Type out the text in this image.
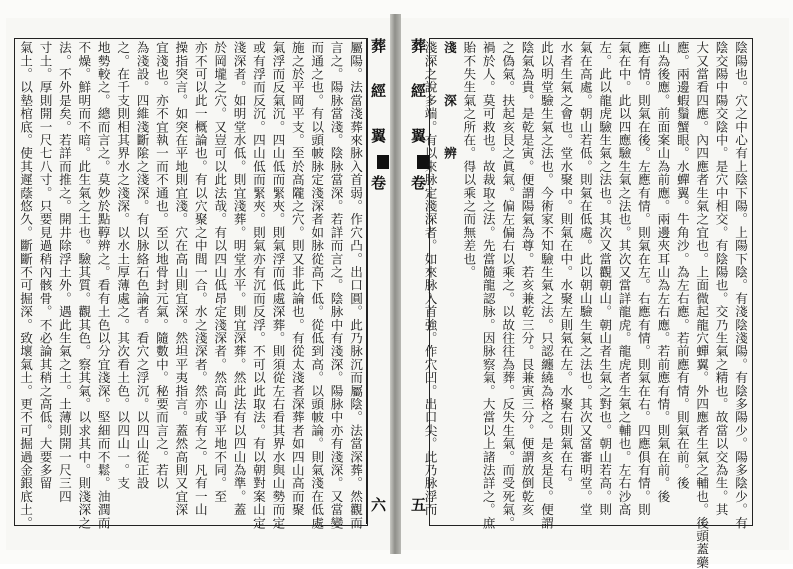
屬陽。法當淺葬來脉入首弱。作穴凸。出口圓。此乃脉沉而屬陰。法當深葬。然觀而

言之。陽脉當淺。陰脉當深。若詳而言之。陰脉中有淺深。陽脉中亦有淺深。又當變

而通之也。有以頭帔脉定淺深者如脉從高下低。從低到高。以頭帔論。則氣淺在低處

施之於平岡平支。至於高隴之穴。則又非此論也。有從太淺者深葬者如四山高而聚

氣浮而反氣沉。四山低而緊夾。則氣浮而低處深葬。則須從左右看其界水與山勢而定

或有浮而反沉。四山低而緊夾。則氣亦有沉而反浮。不可以此取法。有以朝對案山定

淺深者。如明堂水低。則宜淺葬。明堂水平。則宜深葬。然此法有以四山為準。蓋

於岡壠之穴。又豈可以此法哉。有以四山低昂定淺深者。然高山爭平地不同。至

亦不可以此一概論也。有以穴聚之中間一合。水之淺深者。然亦或有之。凡有一山

操指突言。如突在平地則宜淺。穴在高山則宜深。然坦平夷指言。蓋然高則又宜深

宜淺也。亦不宜執一而不通也。至以地骨封元氣。隨數中。秘要而言之。若以

為淺設。四維淺斷隂之淺深。有以脉絡石色論者。看穴之浮沉。以四山從正設

之。在千支則相其界水之淺深。以水土厚薄處之。其次看土色。以四山一。支

地勢較之。總而言之。莫妙於點鞟辨之。看有土色以分宜淺深。堅細而不鬆。油潤而

不燥。鮮明而不暗。此生氣之土也。驗其質。觀其色。察其氣。以求其中。則淺深之

法。不外是矣。若詳而推之。開井除浮土外。遇此生氣之土。土薄則開一尺三四

寸土。厚則開一尺七八寸。只要見過稍內骸骨。不必論其稍之高低。大要多留

氣土。以墊棺底。使其遲蔭悠久。斷斷不可掘深。致壞氣土。更不可掘過金銀底土。	葬 經 翼
卷
六
葬 經 翼
卷
五	陰陽也。穴之中心有上陰下陽。上陽下陰。有淺陰淺陽。有陰多陽少。陽多陰少。有

陰交陽中陽交陰中。是穴中相交。有陰陽也。交乃生氣之精也。故當以交為生。其

大又當看四應。內四應者生氣之宜也。上面微起龍穴蟬翼。外四應者生氣之輔也。後頭蓋藥

應。兩邊蝦鬚蟹眼。水蟬翼。牛角沙。為左右應。若前應有情。則氣在前。後

山為後應。前面案山為前應。兩邊夾耳山為左右應。若前應有情。則氣在前。後

應有情。則氣在後。左應有情。則氣在左。右應有情。則氣在右。四應俱有情。則

氣在中。此以四應驗生氣之法也。其次又當詳龍虎。龍虎者生氣之輔也。左右沙高

左。此以龍虎驗生氣之法也。其次又當觀朝山。朝山者生氣之對也。朝山若高。則

氣在高處。朝山若低。則氣在低處。此以朝山驗生氣之法也。其次又當審明堂。堂

水者生氣之會也。堂水聚中。則氣在中。水聚左則氣在左。水聚右則氣在右。

此以明堂驗生氣之法也。今術家不知驗生氣之法。只認纏繞為格之。是亥是艮。便謂

陰氣為貴。是乾是寅。便謂陽氣為尊。若亥兼乾三分。艮兼寅三分。便謂放倒乾亥

之偽氣。扶起亥艮之眞氣。偏左偏右以乘之。以故往往為葬。反失生氣。而受死氣。

禍於人。莫可救也。故裁取之法。先當隨龍認脉。因脉察氣。大當以上諸法詳之。庶

貽不失生氣之所在。得以乘之而無差也。

淺　　　深　　　辨

淺深之說多端。有以來脉定淺深者。如來脉入首強。作穴凹。出口尖。此乃脉浮而
